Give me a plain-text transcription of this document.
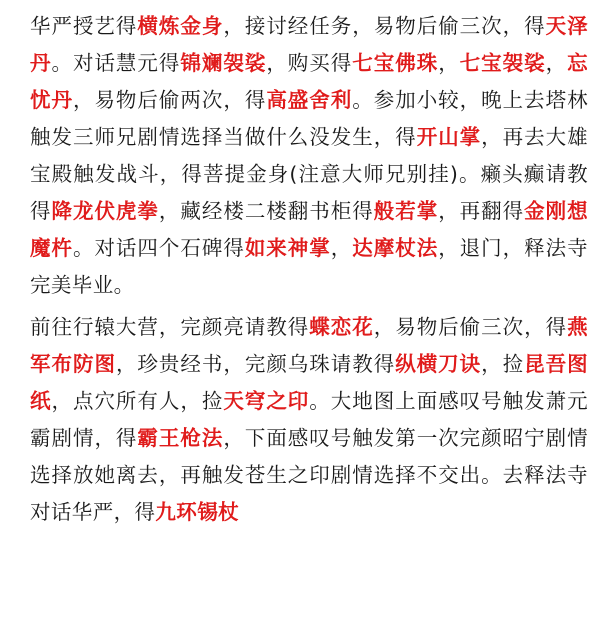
华严授艺得横炼金身，接讨经任务，易物后偷三次，得天泽丹。对话慧元得锦斓袈裟，购买得七宝佛珠，七宝袈裟，忘忧丹，易物后偷两次，得高盛舍利。参加小较，晚上去塔林触发三师兄剧情选择当做什么没发生，得开山掌，再去大雄宝殿触发战斗，得菩提金身(注意大师兄别挂)。癞头癫请教得降龙伏虎拳，藏经楼二楼翻书柜得般若掌，再翻得金刚想魔杵。对话四个石碑得如来神掌，达摩杖法，退门，释法寺完美毕业。

前往行辕大营，完颜亮请教得蝶恋花，易物后偷三次，得燕军布防图，珍贵经书，完颜乌珠请教得纵横刀诀，捡昆吾图纸，点穴所有人，捡天穹之印。大地图上面感叹号触发萧元霸剧情，得霸王枪法，下面感叹号触发第一次完颜昭宁剧情选择放她离去，再触发苍生之印剧情选择不交出。去释法寺对话华严，得九环锡杖
